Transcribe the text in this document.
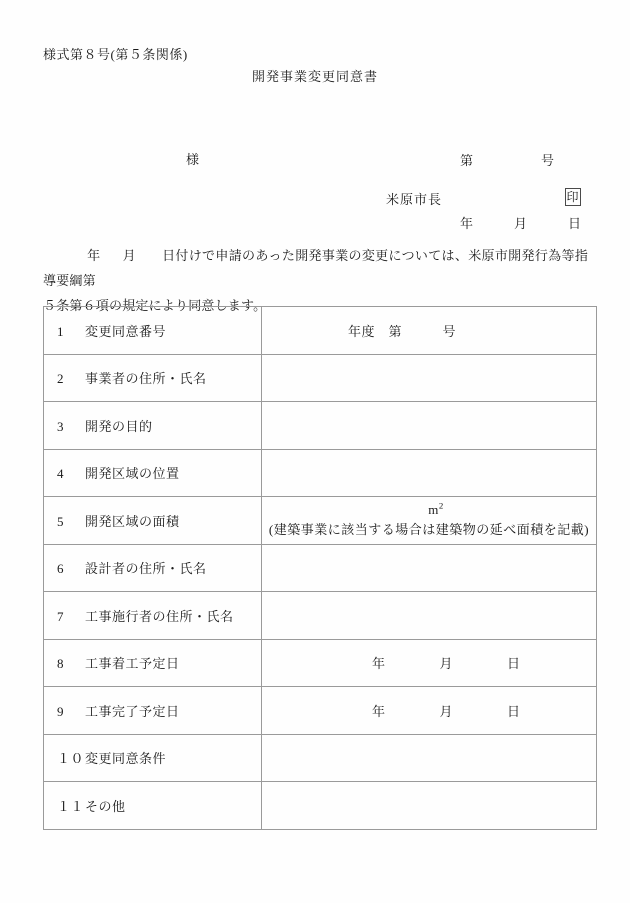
様式第８号(第５条関係)
開発事業変更同意書

第　　　　　号

年　　　月　　　日

様
米原市長	印
年 月 日付けで申請のあった開発事業の変更については、米原市開発行為等指導要綱第
５条第６項の規定により同意します。
1 変更同意番号	年度　第　　　号
2 事業者の住所・氏名	
3 開発の目的	
4 開発区域の位置	
5 開発区域の面積	$m^2$
(建築事業に該当する場合は建築物の延べ面積を記載)

6 設計者の住所・氏名	
7 工事施行者の住所・氏名	
8 工事着工予定日	年　　　　月　　　　日
9 工事完了予定日	年　　　　月　　　　日
１０変更同意条件	
１１その他	
